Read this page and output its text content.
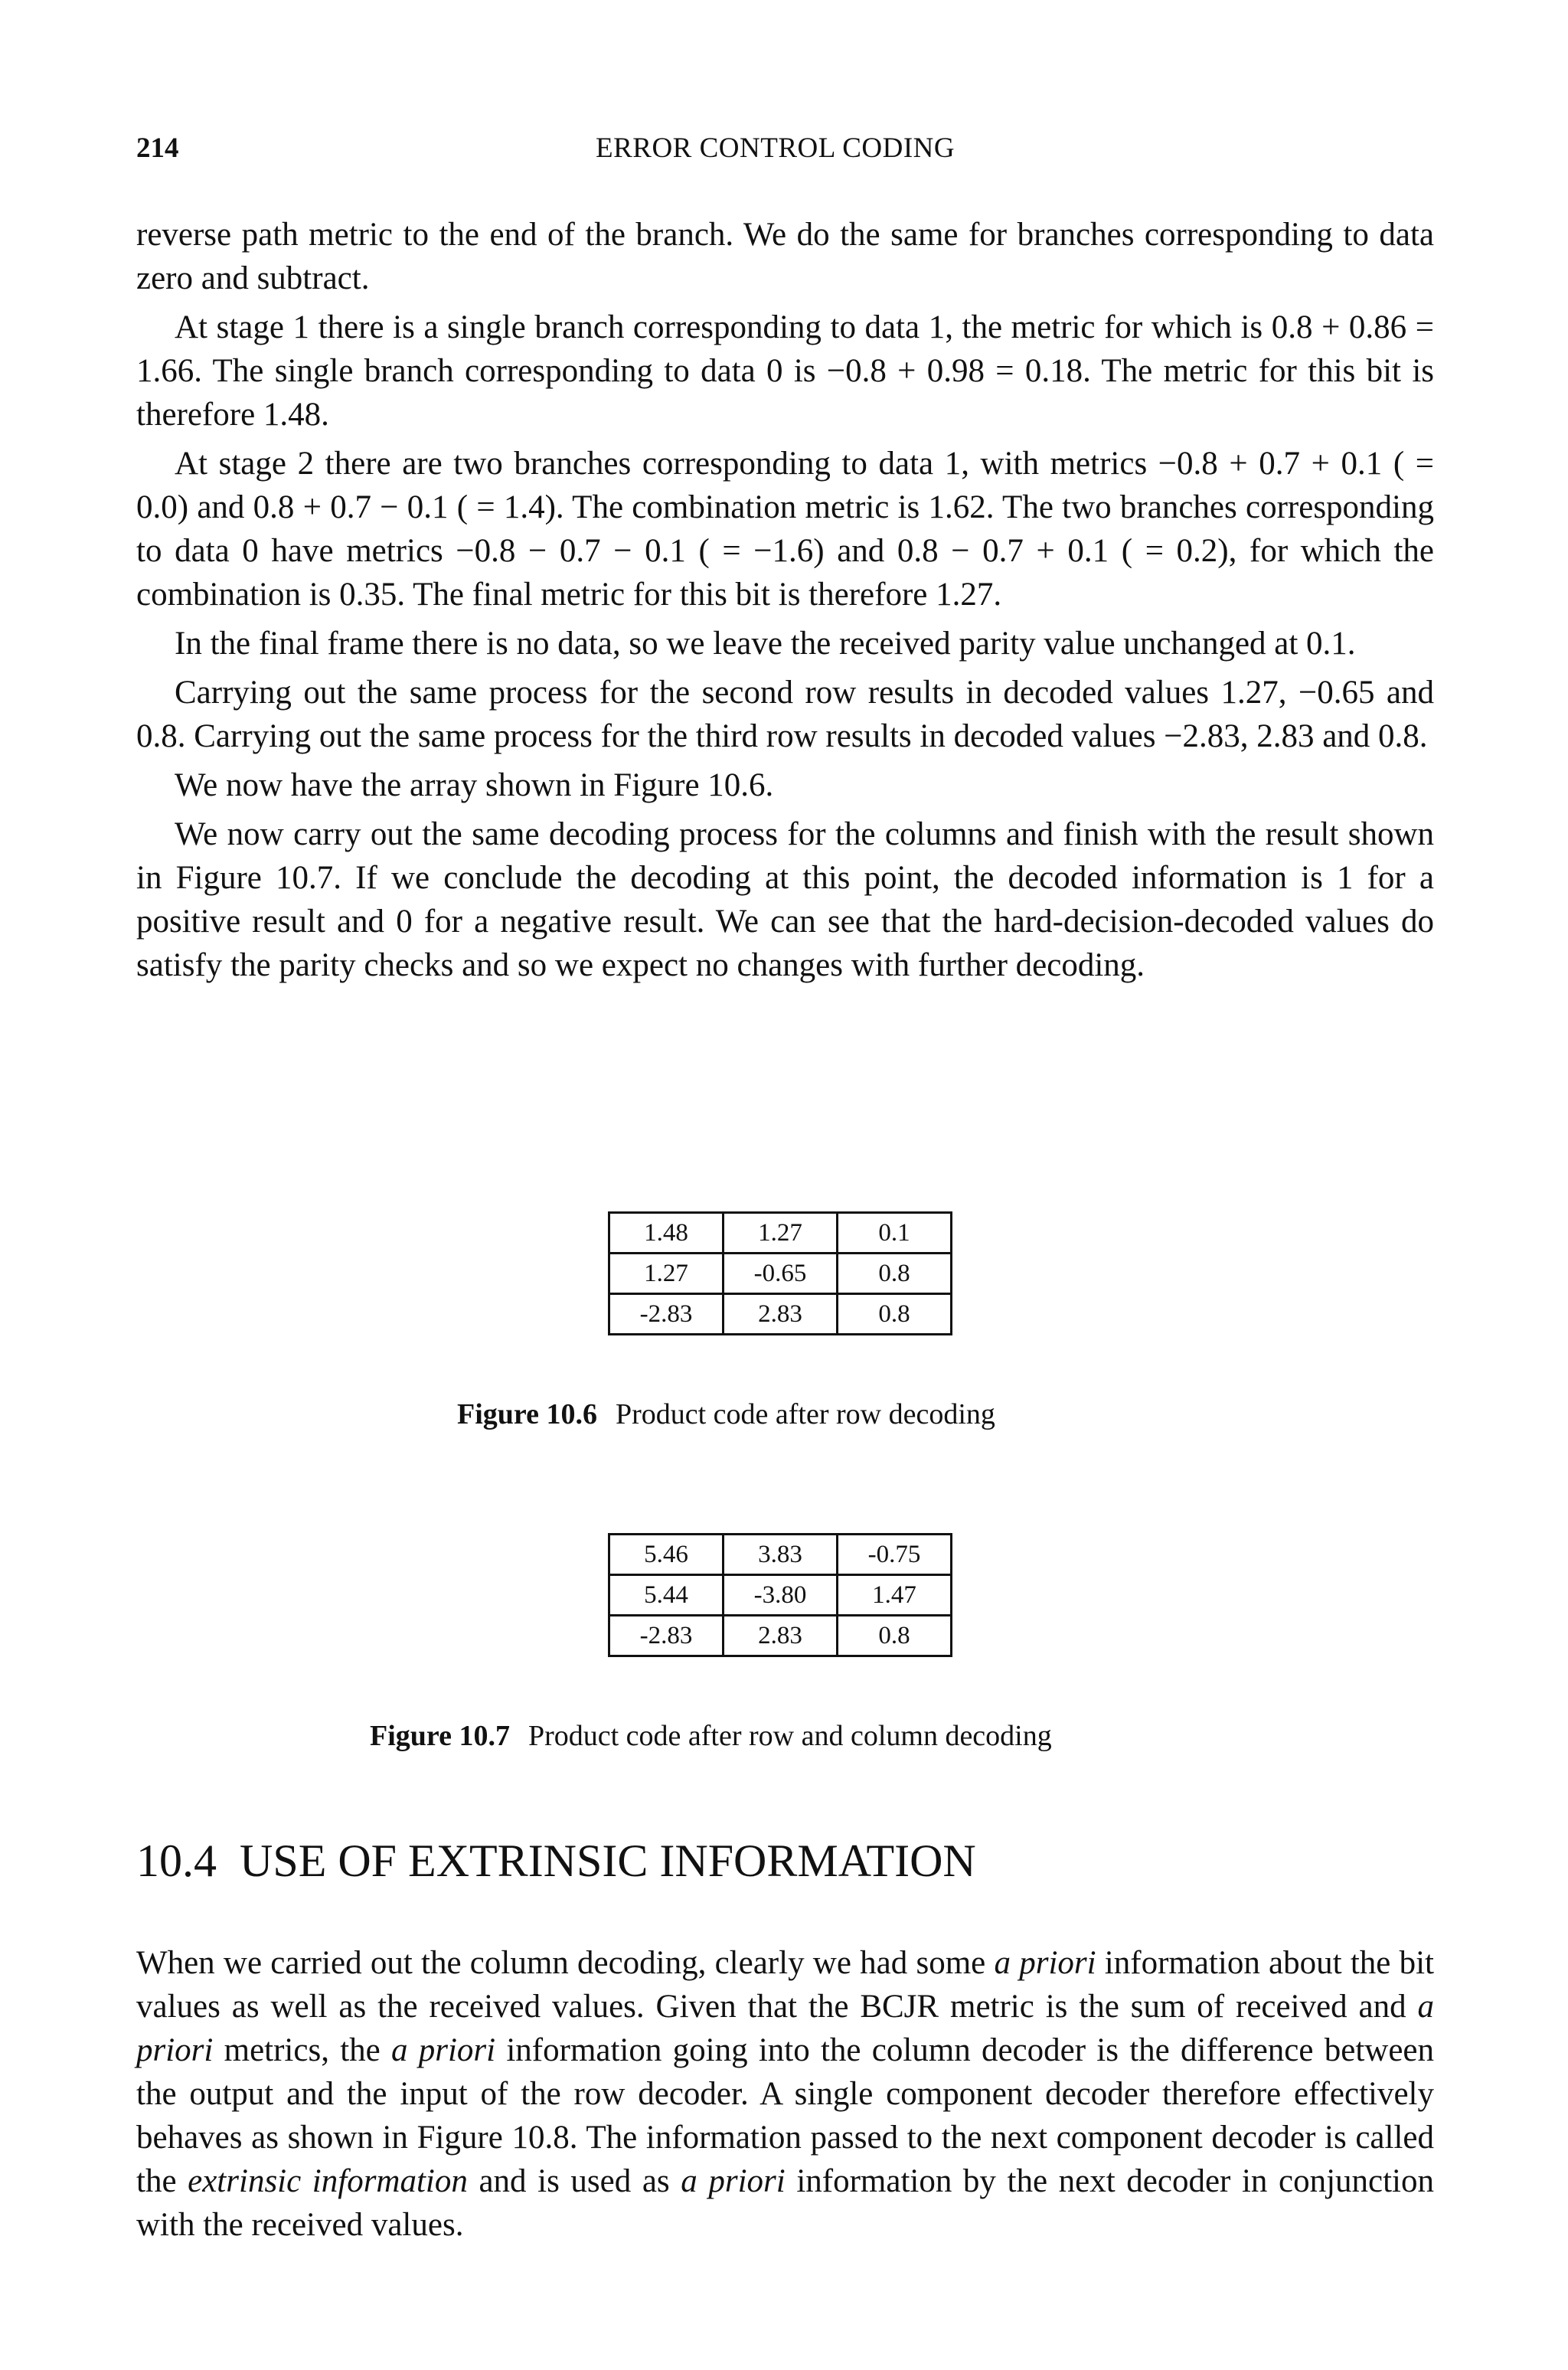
214	ERROR CONTROL CODING

reverse path metric to the end of the branch. We do the same for branches corresponding to data zero and subtract.

At stage 1 there is a single branch corresponding to data 1, the metric for which is 0.8 + 0.86 = 1.66. The single branch corresponding to data 0 is −0.8 + 0.98 = 0.18. The metric for this bit is therefore 1.48.

At stage 2 there are two branches corresponding to data 1, with metrics −0.8 + 0.7 + 0.1 ( = 0.0) and 0.8 + 0.7 − 0.1 ( = 1.4). The combination metric is 1.62. The two branches corresponding to data 0 have metrics −0.8 − 0.7 − 0.1 ( = −1.6) and 0.8 − 0.7 + 0.1 ( = 0.2), for which the combination is 0.35. The final metric for this bit is therefore 1.27.

In the final frame there is no data, so we leave the received parity value unchanged at 0.1.

Carrying out the same process for the second row results in decoded values 1.27, −0.65 and 0.8. Carrying out the same process for the third row results in decoded values −2.83, 2.83 and 0.8.

We now have the array shown in Figure 10.6.

We now carry out the same decoding process for the columns and finish with the result shown in Figure 10.7. If we conclude the decoding at this point, the decoded information is 1 for a positive result and 0 for a negative result. We can see that the hard-decision-decoded values do satisfy the parity checks and so we expect no changes with further decoding.

1.48	1.27	0.1
1.27	-0.65	0.8
-2.83	2.83	0.8
Figure 10.6 Product code after row decoding
5.46	3.83	-0.75
5.44	-3.80	1.47
-2.83	2.83	0.8
Figure 10.7 Product code after row and column decoding
10.4 USE OF EXTRINSIC INFORMATION

When we carried out the column decoding, clearly we had some a priori information about the bit values as well as the received values. Given that the BCJR metric is the sum of received and a priori metrics, the a priori information going into the column decoder is the difference between the output and the input of the row decoder. A single component decoder therefore effectively behaves as shown in Figure 10.8. The information passed to the next component decoder is called the extrinsic information and is used as a priori information by the next decoder in conjunction with the received values.
